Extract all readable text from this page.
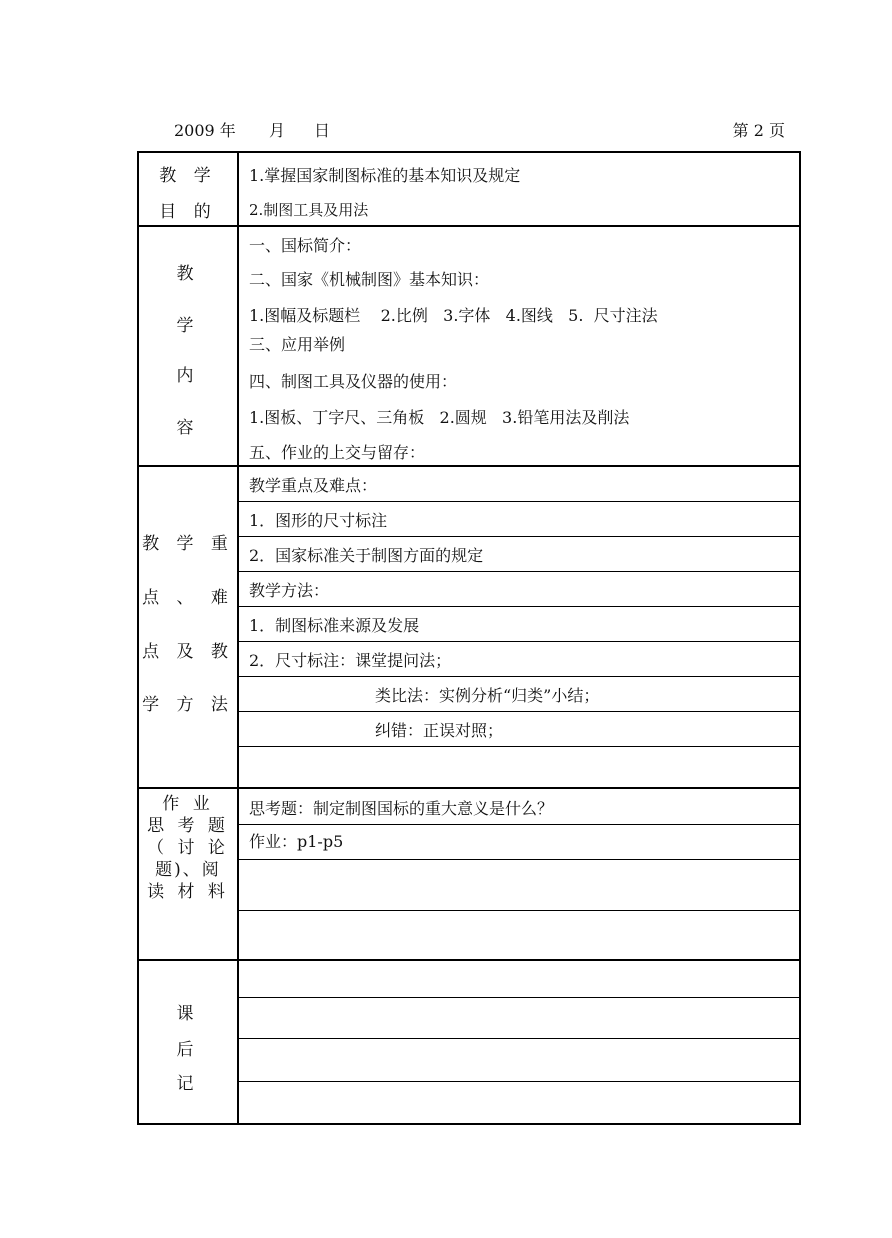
2009 年 月 日	第 2 页
教 学
目 的
1.掌握国家制图标准的基本知识及规定
2.制图工具及用法
教
学
内
容
一、国标简介：
二、国家《机械制图》基本知识：
1.图幅及标题栏    2.比例   3.字体   4.图线   5.  尺寸注法
三、应用举例
四、制图工具及仪器的使用：
1.图板、丁字尺、三角板   2.圆规   3.铅笔用法及削法
五、作业的上交与留存：
教 学 重
点 、 难
点 及 教
学 方 法
教学重点及难点：
1．图形的尺寸标注
2．国家标准关于制图方面的规定
教学方法：
1．制图标准来源及发展
2．尺寸标注：课堂提问法；
类比法：实例分析“归类”小结；
纠错：正误对照；
作 业
思 考 题
（ 讨 论
题)、阅
读 材 料
思考题：制定制图国标的重大意义是什么？
作业：p1-p5
课
后
记
